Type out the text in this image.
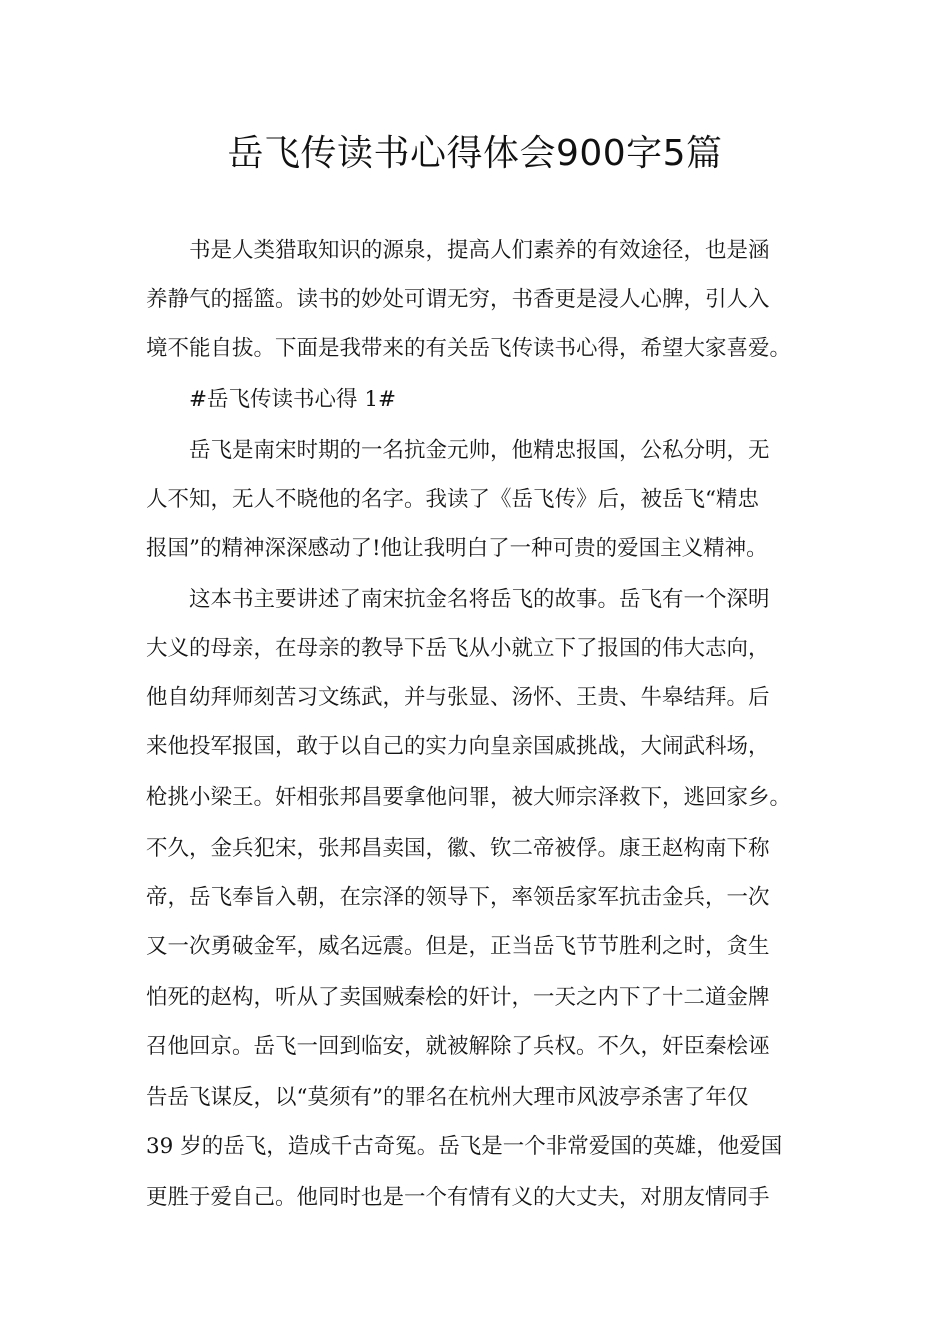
岳飞传读书心得体会900字5篇
书是人类猎取知识的源泉，提高人们素养的有效途径，也是涵
养静气的摇篮。读书的妙处可谓无穷，书香更是浸人心脾，引人入
境不能自拔。下面是我带来的有关岳飞传读书心得，希望大家喜爱。
#岳飞传读书心得 1#
岳飞是南宋时期的一名抗金元帅，他精忠报国，公私分明，无
人不知，无人不晓他的名字。我读了《岳飞传》后，被岳飞“精忠
报国”的精神深深感动了!他让我明白了一种可贵的爱国主义精神。
这本书主要讲述了南宋抗金名将岳飞的故事。岳飞有一个深明
大义的母亲，在母亲的教导下岳飞从小就立下了报国的伟大志向，
他自幼拜师刻苦习文练武，并与张显、汤怀、王贵、牛皋结拜。后
来他投军报国，敢于以自己的实力向皇亲国戚挑战，大闹武科场，
枪挑小梁王。奸相张邦昌要拿他问罪，被大师宗泽救下，逃回家乡。
不久，金兵犯宋，张邦昌卖国，徽、钦二帝被俘。康王赵构南下称
帝，岳飞奉旨入朝，在宗泽的领导下，率领岳家军抗击金兵，一次
又一次勇破金军，威名远震。但是，正当岳飞节节胜利之时，贪生
怕死的赵构，听从了卖国贼秦桧的奸计，一天之内下了十二道金牌
召他回京。岳飞一回到临安，就被解除了兵权。不久，奸臣秦桧诬
告岳飞谋反，以“莫须有”的罪名在杭州大理市风波亭杀害了年仅
39 岁的岳飞，造成千古奇冤。岳飞是一个非常爱国的英雄，他爱国
更胜于爱自己。他同时也是一个有情有义的大丈夫，对朋友情同手
